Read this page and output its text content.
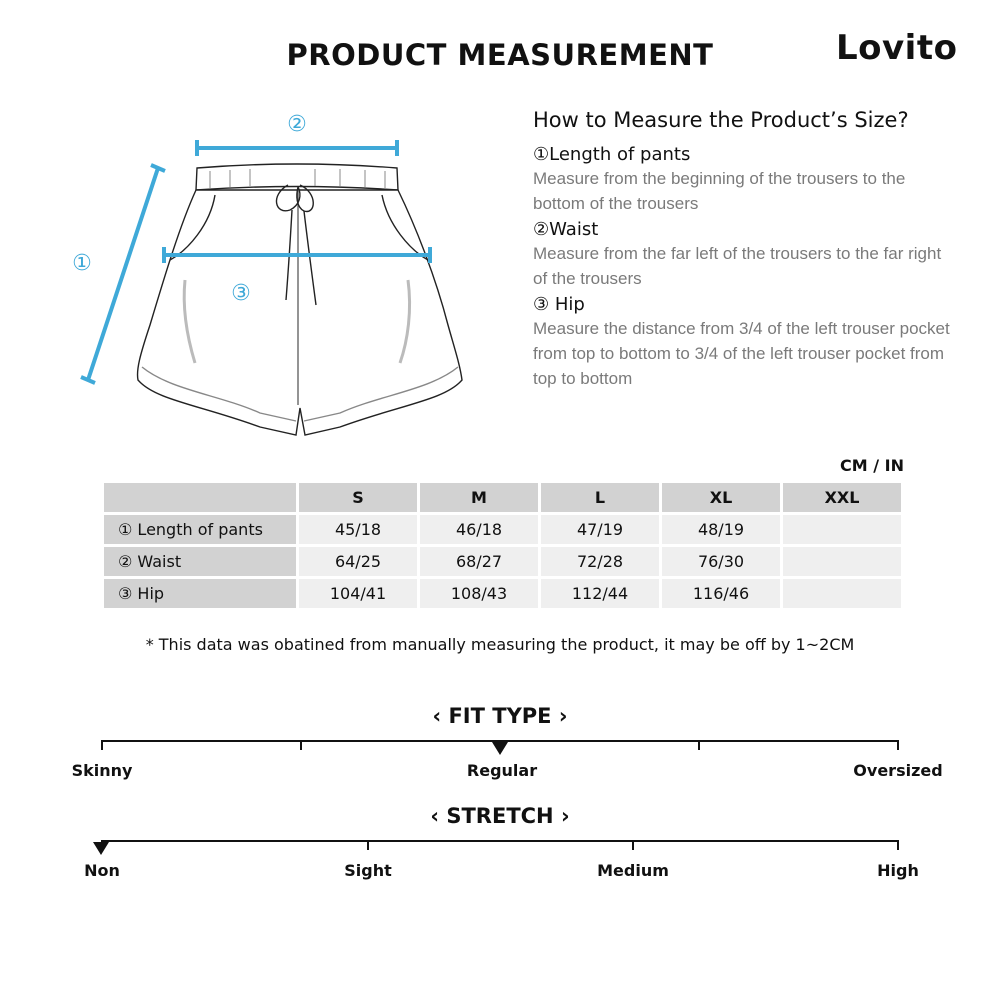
PRODUCT MEASUREMENT	Lovito
②
③
①
How to Measure the Product’s Size?
①Length of pants
Measure from the beginning of the trousers to the bottom of the trousers
②Waist
Measure from the far left of the trousers to the far right of the trousers
③ Hip
Measure the distance from 3/4 of the left trouser pocket from top to bottom to 3/4 of the left trouser pocket from top to bottom
CM / IN
	S	M	L	XL	XXL
① Length of pants	45/18	46/18	47/19	48/19	
② Waist	64/25	68/27	72/28	76/30	
③ Hip	104/41	108/43	112/44	116/46	
* This data was obatined from manually measuring the product, it may be off by 1~2CM
‹ FIT TYPE ›
Skinny	Regular	Oversized
‹ STRETCH ›
Non	Sight	Medium	High
